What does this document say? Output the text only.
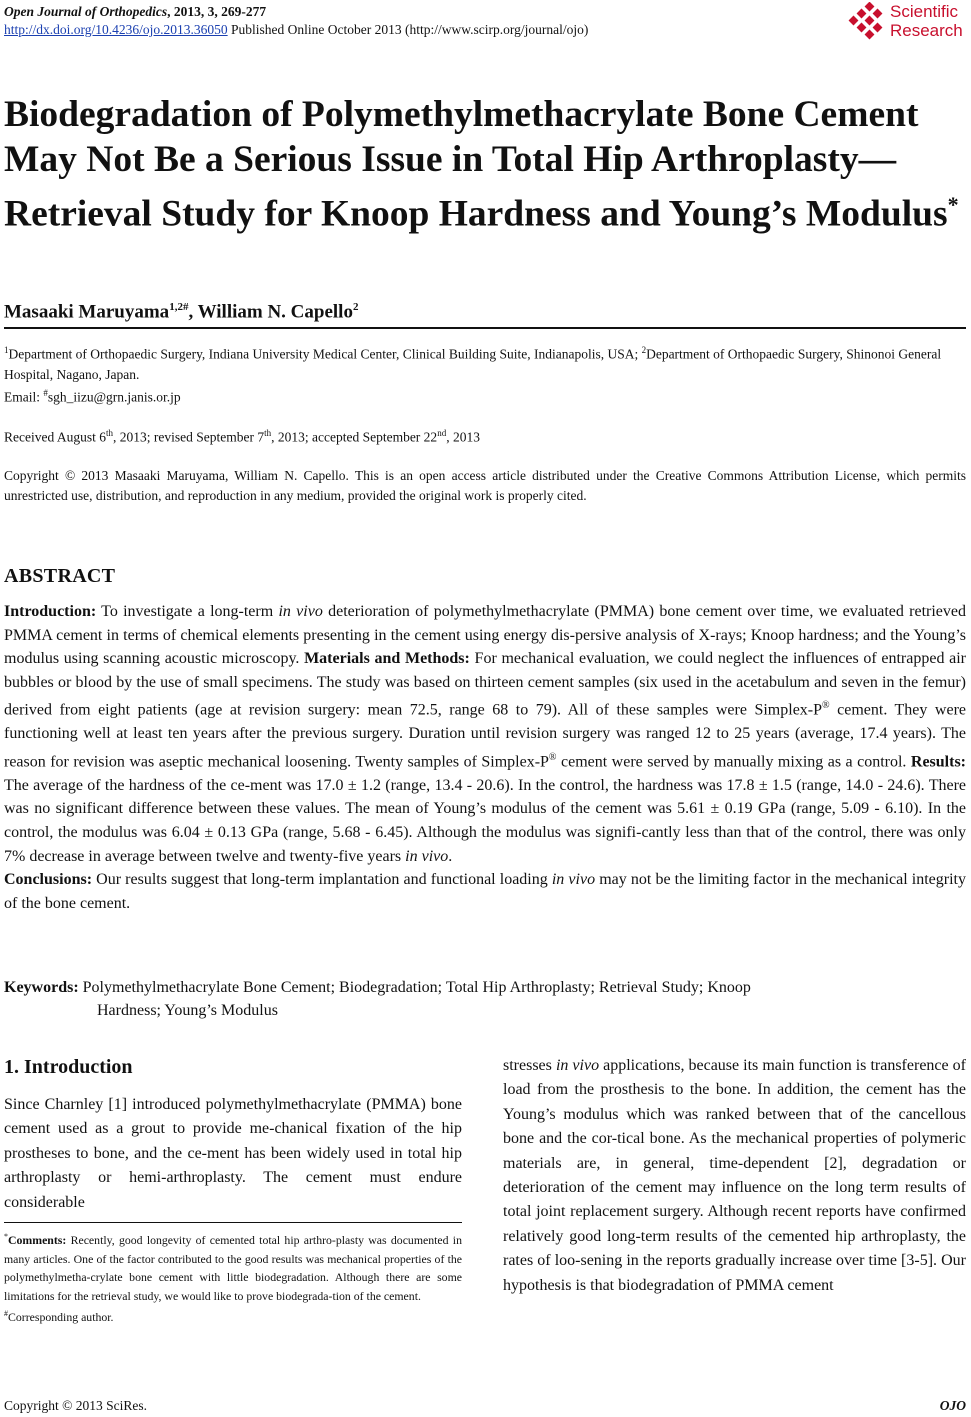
Open Journal of Orthopedics, 2013, 3, 269-277
http://dx.doi.org/10.4236/ojo.2013.36050 Published Online October 2013 (http://www.scirp.org/journal/ojo)
Scientific
Research
Biodegradation of Polymethylmethacrylate Bone Cement May Not Be a Serious Issue in Total Hip Arthroplasty—Retrieval Study for Knoop Hardness and Young’s Modulus*
Masaaki Maruyama$^{1,2\#}$, William N. Capello$^2$
$^1$Department of Orthopaedic Surgery, Indiana University Medical Center, Clinical Building Suite, Indianapolis, USA; $^2$Department of Orthopaedic Surgery, Shinonoi General Hospital, Nagano, Japan.
Email: #sgh_iizu@grn.janis.or.jp
Received August 6th, 2013; revised September 7th, 2013; accepted September 22nd, 2013
Copyright © 2013 Masaaki Maruyama, William N. Capello. This is an open access article distributed under the Creative Commons Attribution License, which permits unrestricted use, distribution, and reproduction in any medium, provided the original work is properly cited.
ABSTRACT
Introduction: To investigate a long-term in vivo deterioration of polymethylmethacrylate (PMMA) bone cement over time, we evaluated retrieved PMMA cement in terms of chemical elements presenting in the cement using energy dis-persive analysis of X-rays; Knoop hardness; and the Young’s modulus using scanning acoustic microscopy. Materials and Methods: For mechanical evaluation, we could neglect the influences of entrapped air bubbles or blood by the use of small specimens. The study was based on thirteen cement samples (six used in the acetabulum and seven in the femur) derived from eight patients (age at revision surgery: mean 72.5, range 68 to 79). All of these samples were Simplex-P® cement. They were functioning well at least ten years after the previous surgery. Duration until revision surgery was ranged 12 to 25 years (average, 17.4 years). The reason for revision was aseptic mechanical loosening. Twenty samples of Simplex-P® cement were served by manually mixing as a control. Results: The average of the hardness of the ce-ment was 17.0 ± 1.2 (range, 13.4 - 20.6). In the control, the hardness was 17.8 ± 1.5 (range, 14.0 - 24.6). There was no significant difference between these values. The mean of Young’s modulus of the cement was 5.61 ± 0.19 GPa (range, 5.09 - 6.10). In the control, the modulus was 6.04 ± 0.13 GPa (range, 5.68 - 6.45). Although the modulus was signifi-cantly less than that of the control, there was only 7% decrease in average between twelve and twenty-five years in vivo.
Conclusions: Our results suggest that long-term implantation and functional loading in vivo may not be the limiting factor in the mechanical integrity of the bone cement.
Keywords: Polymethylmethacrylate Bone Cement; Biodegradation; Total Hip Arthroplasty; Retrieval Study; Knoop
Hardness; Young’s Modulus
1. Introduction

Since Charnley [1] introduced polymethylmethacrylate (PMMA) bone cement used as a grout to provide me-chanical fixation of the hip prostheses to bone, and the ce-ment has been widely used in total hip arthroplasty or hemi-arthroplasty. The cement must endure considerable

stresses in vivo applications, because its main function is transference of load from the prosthesis to the bone. In addition, the cement has the Young’s modulus which was ranked between that of the cancellous bone and the cor-tical bone. As the mechanical properties of polymeric materials are, in general, time-dependent [2], degradation or deterioration of the cement may influence on the long term results of total joint replacement surgery. Although recent reports have confirmed relatively good long-term results of the cemented hip arthroplasty, the rates of loo-sening in the reports gradually increase over time [3-5]. Our hypothesis is that biodegradation of PMMA cement

*Comments: Recently, good longevity of cemented total hip arthro-plasty was documented in many articles. One of the factor contributed to the good results was mechanical properties of the polymethylmetha-crylate bone cement with little biodegradation. Although there are some limitations for the retrieval study, we would like to prove biodegrada-tion of the cement.
#Corresponding author.
Copyright © 2013 SciRes.	OJO
